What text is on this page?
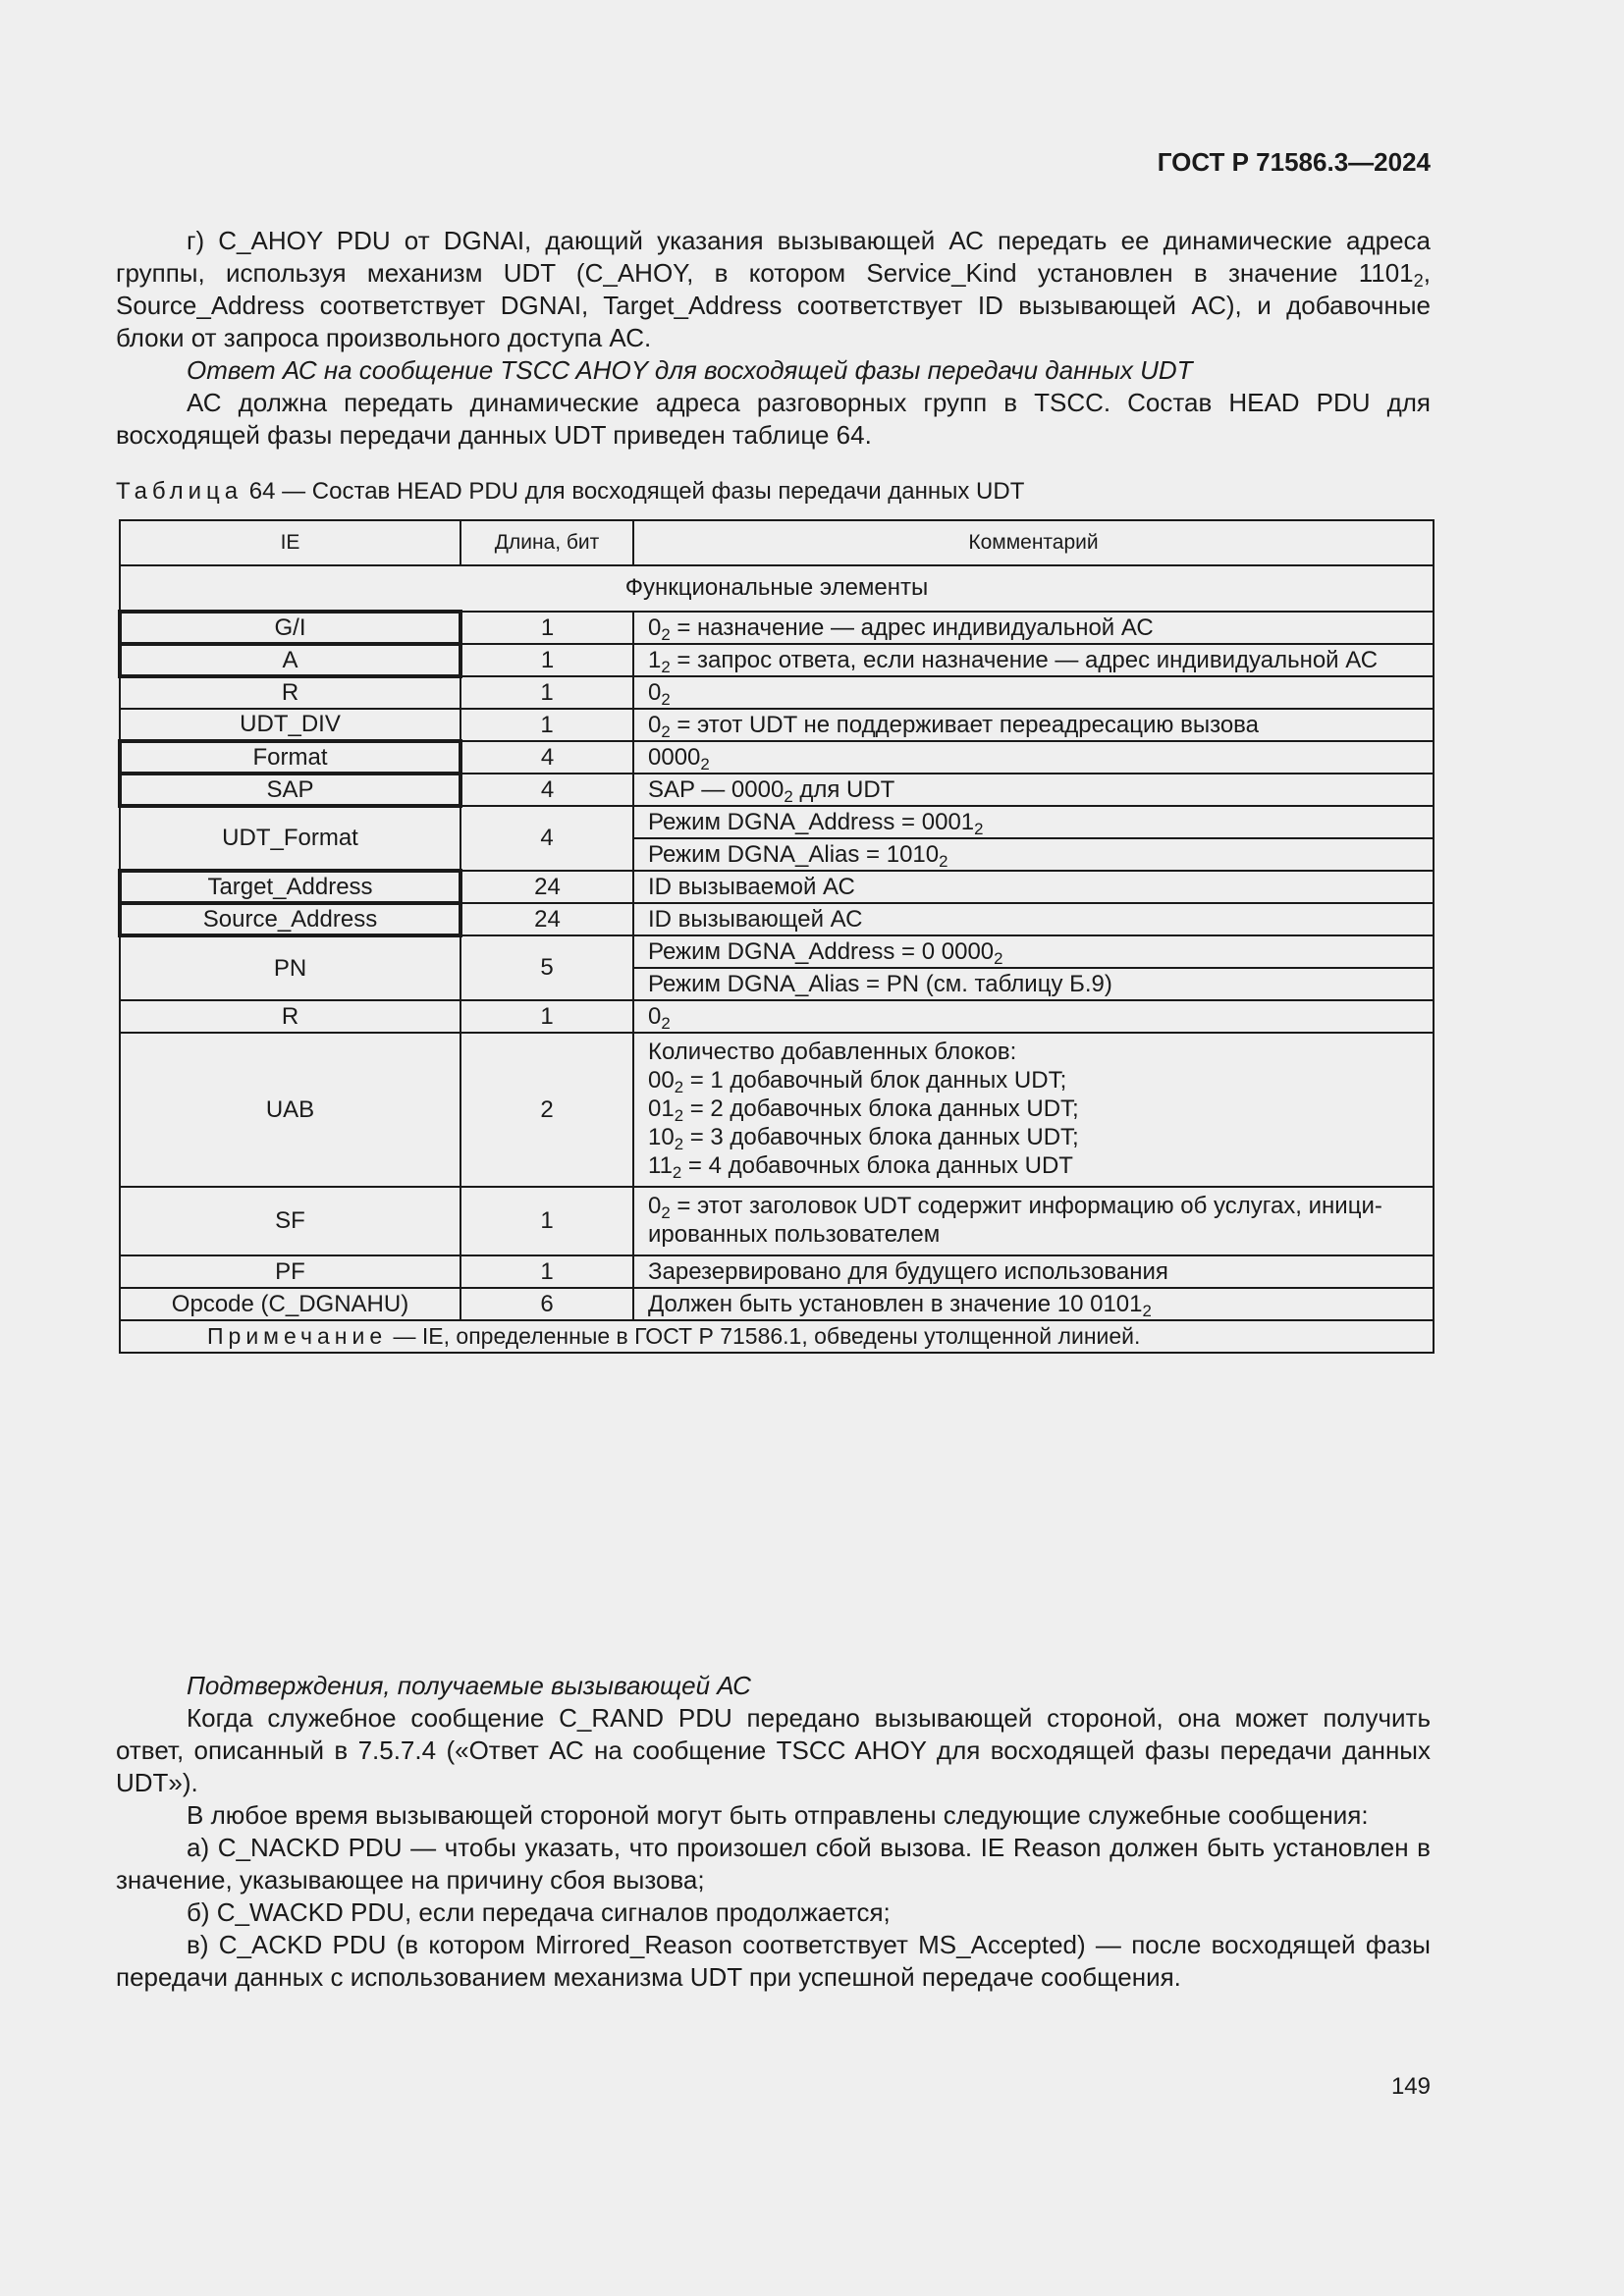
ГОСТ Р 71586.3—2024

г) C_AHOY PDU от DGNAI, дающий указания вызывающей АС передать ее динамические адреса группы, используя механизм UDT (C_AHOY, в котором Service_Kind установлен в значение $1101_2$, Source_Address соответствует DGNAI, Target_Address соответствует ID вызывающей АС), и добавочные блоки от запроса произвольного доступа АС.

Ответ АС на сообщение TSCC AHOY для восходящей фазы передачи данных UDT

АС должна передать динамические адреса разговорных групп в TSCC. Состав HEAD PDU для восходящей фазы передачи данных UDT приведен таблице 64.

Таблица 64 — Состав HEAD PDU для восходящей фазы передачи данных UDT
IE	Длина, бит	Комментарий
Функциональные элементы		
G/I	1	$0_2$ = назначение — адрес индивидуальной АС

A	1	$1_2$ = запрос ответа, если назначение — адрес индивидуальной АС

R	1	$0_2$

UDT_DIV	1	$0_2$ = этот UDT не поддерживает переадресацию вызова

Format	4	$0000_2$

SAP	4	SAP — $0000_2$ для UDT

UDT_Format	4	Режим DGNA_Address = $0001_2$

		Режим DGNA_Alias = $1010_2$

Target_Address	24	ID вызываемой АС

Source_Address	24	ID вызывающей АС

PN	5	Режим DGNA_Address = 0 $0000_2$

		Режим DGNA_Alias = PN (см. таблицу Б.9)

R	1	$0_2$

UAB	2	Количество добавленных блоков:
$00_2 = 1$ добавочный блок данных UDT;
$01_2 = 2$ добавочных блока данных UDT;
$10_2 = 3$ добавочных блока данных UDT;
$11_2 = 4$ добавочных блока данных UDT

SF	1	$0_2$ = этот заголовок UDT содержит информацию об услугах, иници-
ированных пользователем

PF	1	Зарезервировано для будущего использования

Opcode (C_DGNAHU)	6	Должен быть установлен в значение 10 $0101_2$

Примечание — IE, определенные в ГОСТ Р 71586.1, обведены утолщенной линией.		

Подтверждения, получаемые вызывающей АС

Когда служебное сообщение C_RAND PDU передано вызывающей стороной, она может получить ответ, описанный в 7.5.7.4 («Ответ АС на сообщение TSCC AHOY для восходящей фазы передачи данных UDT»).

В любое время вызывающей стороной могут быть отправлены следующие служебные сообщения:

а) C_NACKD PDU — чтобы указать, что произошел сбой вызова. IE Reason должен быть установлен в значение, указывающее на причину сбоя вызова;

б) C_WACKD PDU, если передача сигналов продолжается;

в) C_ACKD PDU (в котором Mirrored_Reason соответствует MS_Accepted) — после восходящей фазы передачи данных с использованием механизма UDT при успешной передаче сообщения.

149
